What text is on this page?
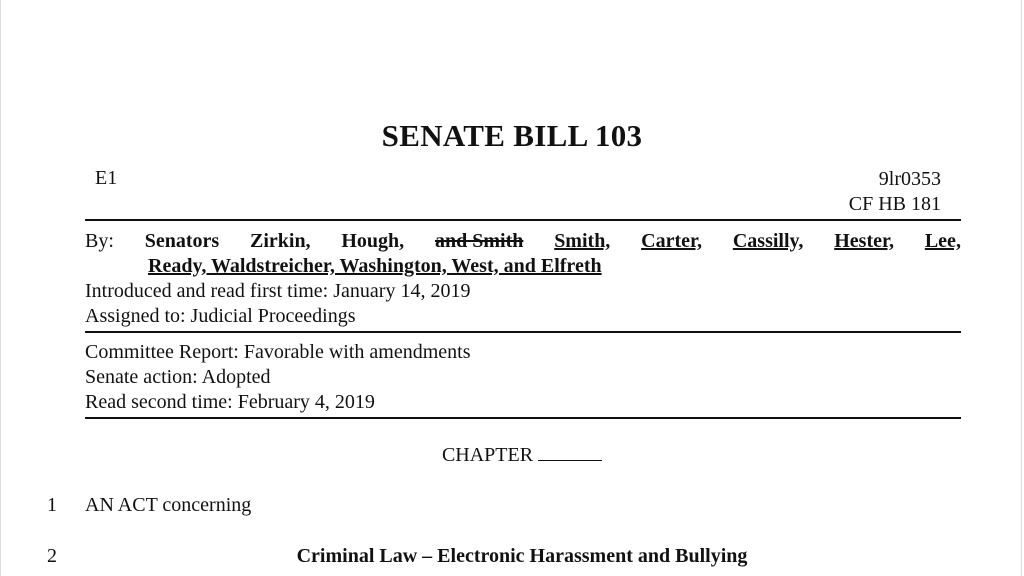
SENATE BILL 103
E1	9lr0353
CF HB 181
By: Senators Zirkin, Hough, and Smith Smith, Carter, Cassilly, Hester, Lee,
Ready, Waldstreicher, Washington, West, and Elfreth
Introduced and read first time: January 14, 2019
Assigned to: Judicial Proceedings
Committee Report: Favorable with amendments
Senate action: Adopted
Read second time: February 4, 2019
CHAPTER
1 AN ACT concerning
2	Criminal Law – Electronic Harassment and Bullying
